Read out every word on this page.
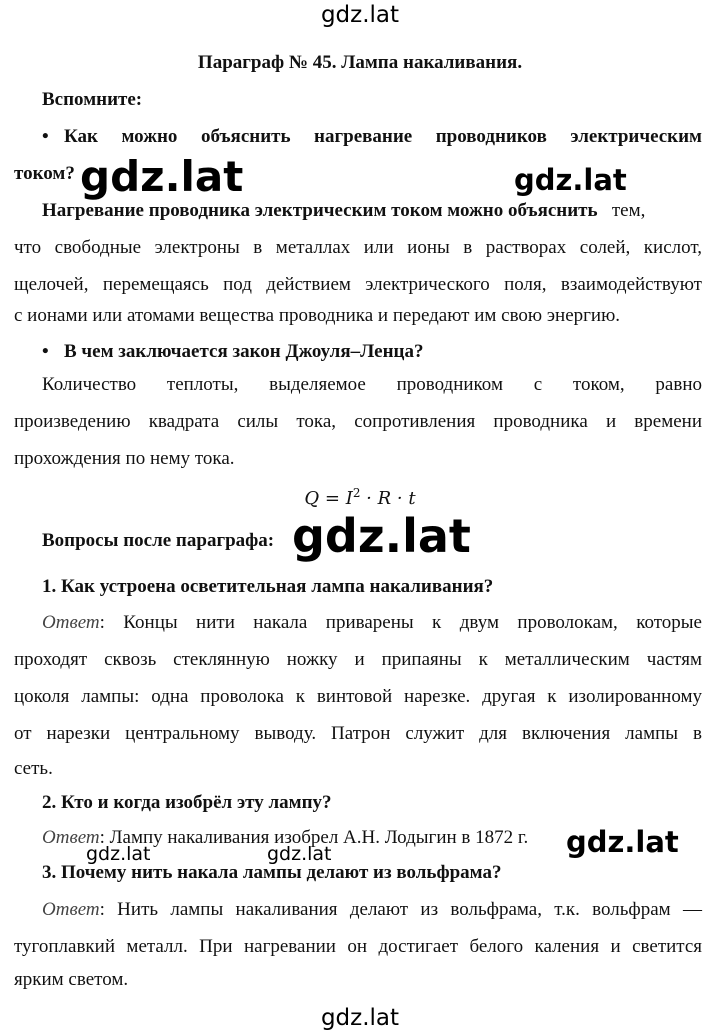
Параграф № 45. Лампа накаливания.
Вспомните:
• Как можно объяснить нагревание проводников электрическим
током?
Нагревание проводника электрическим током можно объяснить тем,
что свободные электроны в металлах или ионы в растворах солей, кислот,
щелочей, перемещаясь под действием электрического поля, взаимодействуют
с ионами или атомами вещества проводника и передают им свою энергию.
• В чем заключается закон Джоуля–Ленца?
Количество теплоты, выделяемое проводником с током, равно
произведению квадрата силы тока, сопротивления проводника и времени
прохождения по нему тока.
$Q = I^2 \cdot R \cdot t$
Вопросы после параграфа:
1. Как устроена осветительная лампа накаливания?
Ответ: Концы нити накала приварены к двум проволокам, которые
проходят сквозь стеклянную ножку и припаяны к металлическим частям
цоколя лампы: одна проволока к винтовой нарезке. другая к изолированному
от нарезки центральному выводу. Патрон служит для включения лампы в
сеть.
2. Кто и когда изобрёл эту лампу?
Ответ: Лампу накаливания изобрел А.Н. Лодыгин в 1872 г.
3. Почему нить накала лампы делают из вольфрама?
Ответ: Нить лампы накаливания делают из вольфрама, т.к. вольфрам —
тугоплавкий металл. При нагревании он достигает белого каления и светится
ярким светом.
gdz.lat
gdz.lat	gdz.lat
gdz.lat
gdz.lat
gdz.lat	gdz.lat
gdz.lat
